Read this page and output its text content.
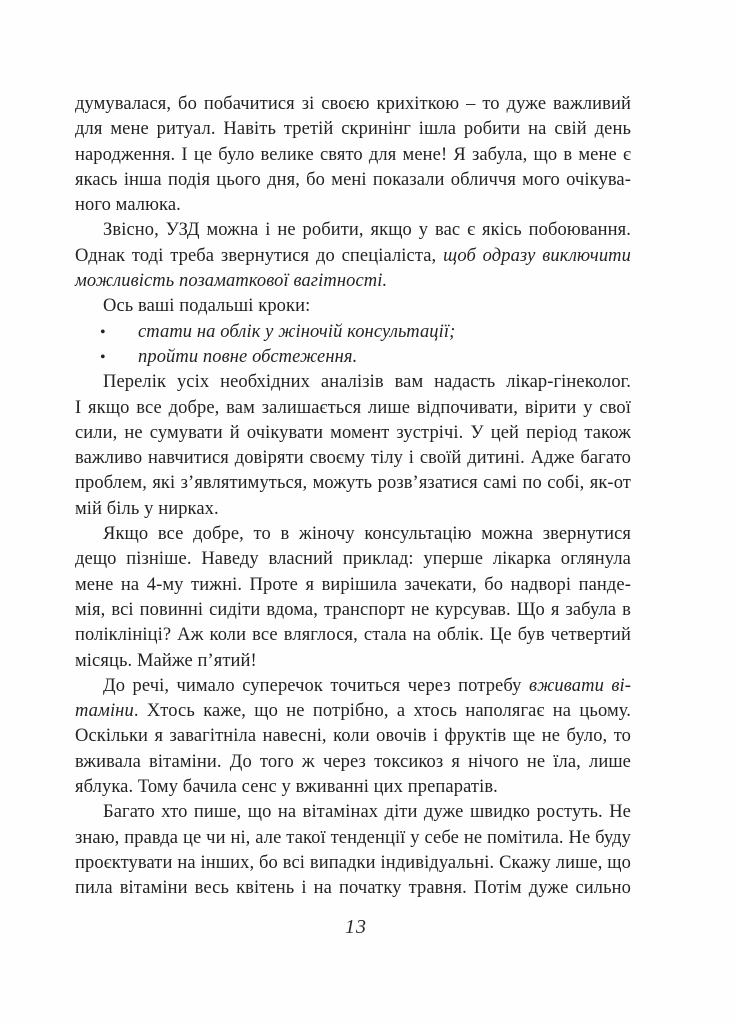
думувалася, бо побачитися зі своєю крихіткою – то дуже важливий
для мене ритуал. Навіть третій скринінг ішла робити на свій день
народження. І це було велике свято для мене! Я забула, що в мене є
якась інша подія цього дня, бо мені показали обличчя мого очікува-
ного малюка.
Звісно, УЗД можна і не робити, якщо у вас є якісь побоювання.
Однак тоді треба звернутися до спеціаліста, щоб одразу виключити
можливість позаматкової вагітності.
Ось ваші подальші кроки:
•	стати на облік у жіночій консультації;
•	пройти повне обстеження.
Перелік усіх необхідних аналізів вам надасть лікар-гінеколог.
І якщо все добре, вам залишається лише відпочивати, вірити у свої
сили, не сумувати й очікувати момент зустрічі. У цей період також
важливо навчитися довіряти своєму тілу і своїй дитині. Адже багато
проблем, які з’являтимуться, можуть розв’язатися самі по собі, як-от
мій біль у нирках.
Якщо все добре, то в жіночу консультацію можна звернутися
дещо пізніше. Наведу власний приклад: уперше лікарка оглянула
мене на 4-му тижні. Проте я вирішила зачекати, бо надворі панде-
мія, всі повинні сидіти вдома, транспорт не курсував. Що я забула в
поліклініці? Аж коли все вляглося, стала на облік. Це був четвертий
місяць. Майже п’ятий!
До речі, чимало суперечок точиться через потребу вживати ві-
таміни. Хтось каже, що не потрібно, а хтось наполягає на цьому.
Оскільки я завагітніла навесні, коли овочів і фруктів ще не було, то
вживала вітаміни. До того ж через токсикоз я нічого не їла, лише
яблука. Тому бачила сенс у вживанні цих препаратів.
Багато хто пише, що на вітамінах діти дуже швидко ростуть. Не
знаю, правда це чи ні, але такої тенденції у себе не помітила. Не буду
проєктувати на інших, бо всі випадки індивідуальні. Скажу лише, що
пила вітаміни весь квітень і на початку травня. Потім дуже сильно
13
